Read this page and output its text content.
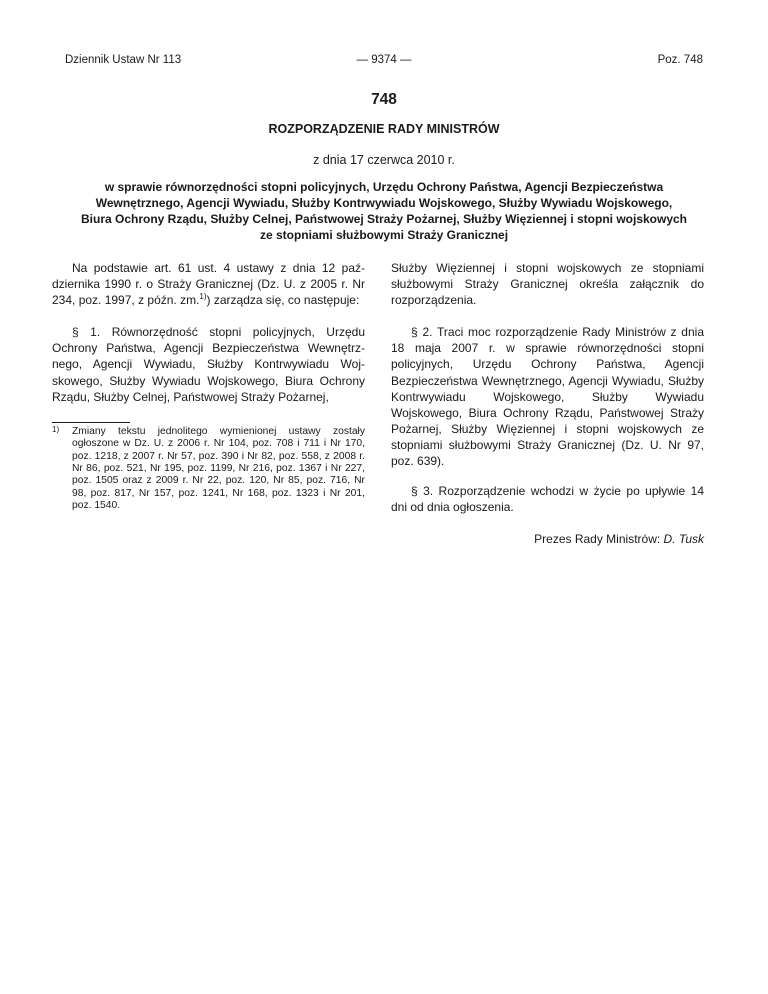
Dziennik Ustaw Nr 113	— 9374 —	Poz. 748
748
ROZPORZĄDZENIE RADY MINISTRÓW
z dnia 17 czerwca 2010 r.
w sprawie równorzędności stopni policyjnych, Urzędu Ochrony Państwa, Agencji Bezpieczeństwa
Wewnętrznego, Agencji Wywiadu, Służby Kontrwywiadu Wojskowego, Służby Wywiadu Wojskowego,
Biura Ochrony Rządu, Służby Celnej, Państwowej Straży Pożarnej, Służby Więziennej i stopni wojskowych
ze stopniami służbowymi Straży Granicznej

Na podstawie art. 61 ust. 4 ustawy z dnia 12 października 1990 r. o Straży Granicznej (Dz. U. z 2005 r. Nr 234, poz. 1997, z późn. zm.$^{1)}$) zarządza się, co następuje:

§ 1. Równorzędność stopni policyjnych, Urzędu Ochrony Państwa, Agencji Bezpieczeństwa Wewnętrznego, Agencji Wywiadu, Służby Kontrwywiadu Wojskowego, Służby Wywiadu Wojskowego, Biura Ochrony Rządu, Służby Celnej, Państwowej Straży Pożarnej,

1) Zmiany tekstu jednolitego wymienionej ustawy zostały ogłoszone w Dz. U. z 2006 r. Nr 104, poz. 708 i 711 i Nr 170, poz. 1218, z 2007 r. Nr 57, poz. 390 i Nr 82, poz. 558, z 2008 r. Nr 86, poz. 521, Nr 195, poz. 1199, Nr 216, poz. 1367 i Nr 227, poz. 1505 oraz z 2009 r. Nr 22, poz. 120, Nr 85, poz. 716, Nr 98, poz. 817, Nr 157, poz. 1241, Nr 168, poz. 1323 i Nr 201, poz. 1540.

Służby Więziennej i stopni wojskowych ze stopniami służbowymi Straży Granicznej określa załącznik do rozporządzenia.

§ 2. Traci moc rozporządzenie Rady Ministrów z dnia 18 maja 2007 r. w sprawie równorzędności stopni policyjnych, Urzędu Ochrony Państwa, Agencji Bezpieczeństwa Wewnętrznego, Agencji Wywiadu, Służby Kontrwywiadu Wojskowego, Służby Wywiadu Wojskowego, Biura Ochrony Rządu, Państwowej Straży Pożarnej, Służby Więziennej i stopni wojskowych ze stopniami służbowymi Straży Granicznej (Dz. U. Nr 97, poz. 639).

§ 3. Rozporządzenie wchodzi w życie po upływie 14 dni od dnia ogłoszenia.

Prezes Rady Ministrów: D. Tusk
